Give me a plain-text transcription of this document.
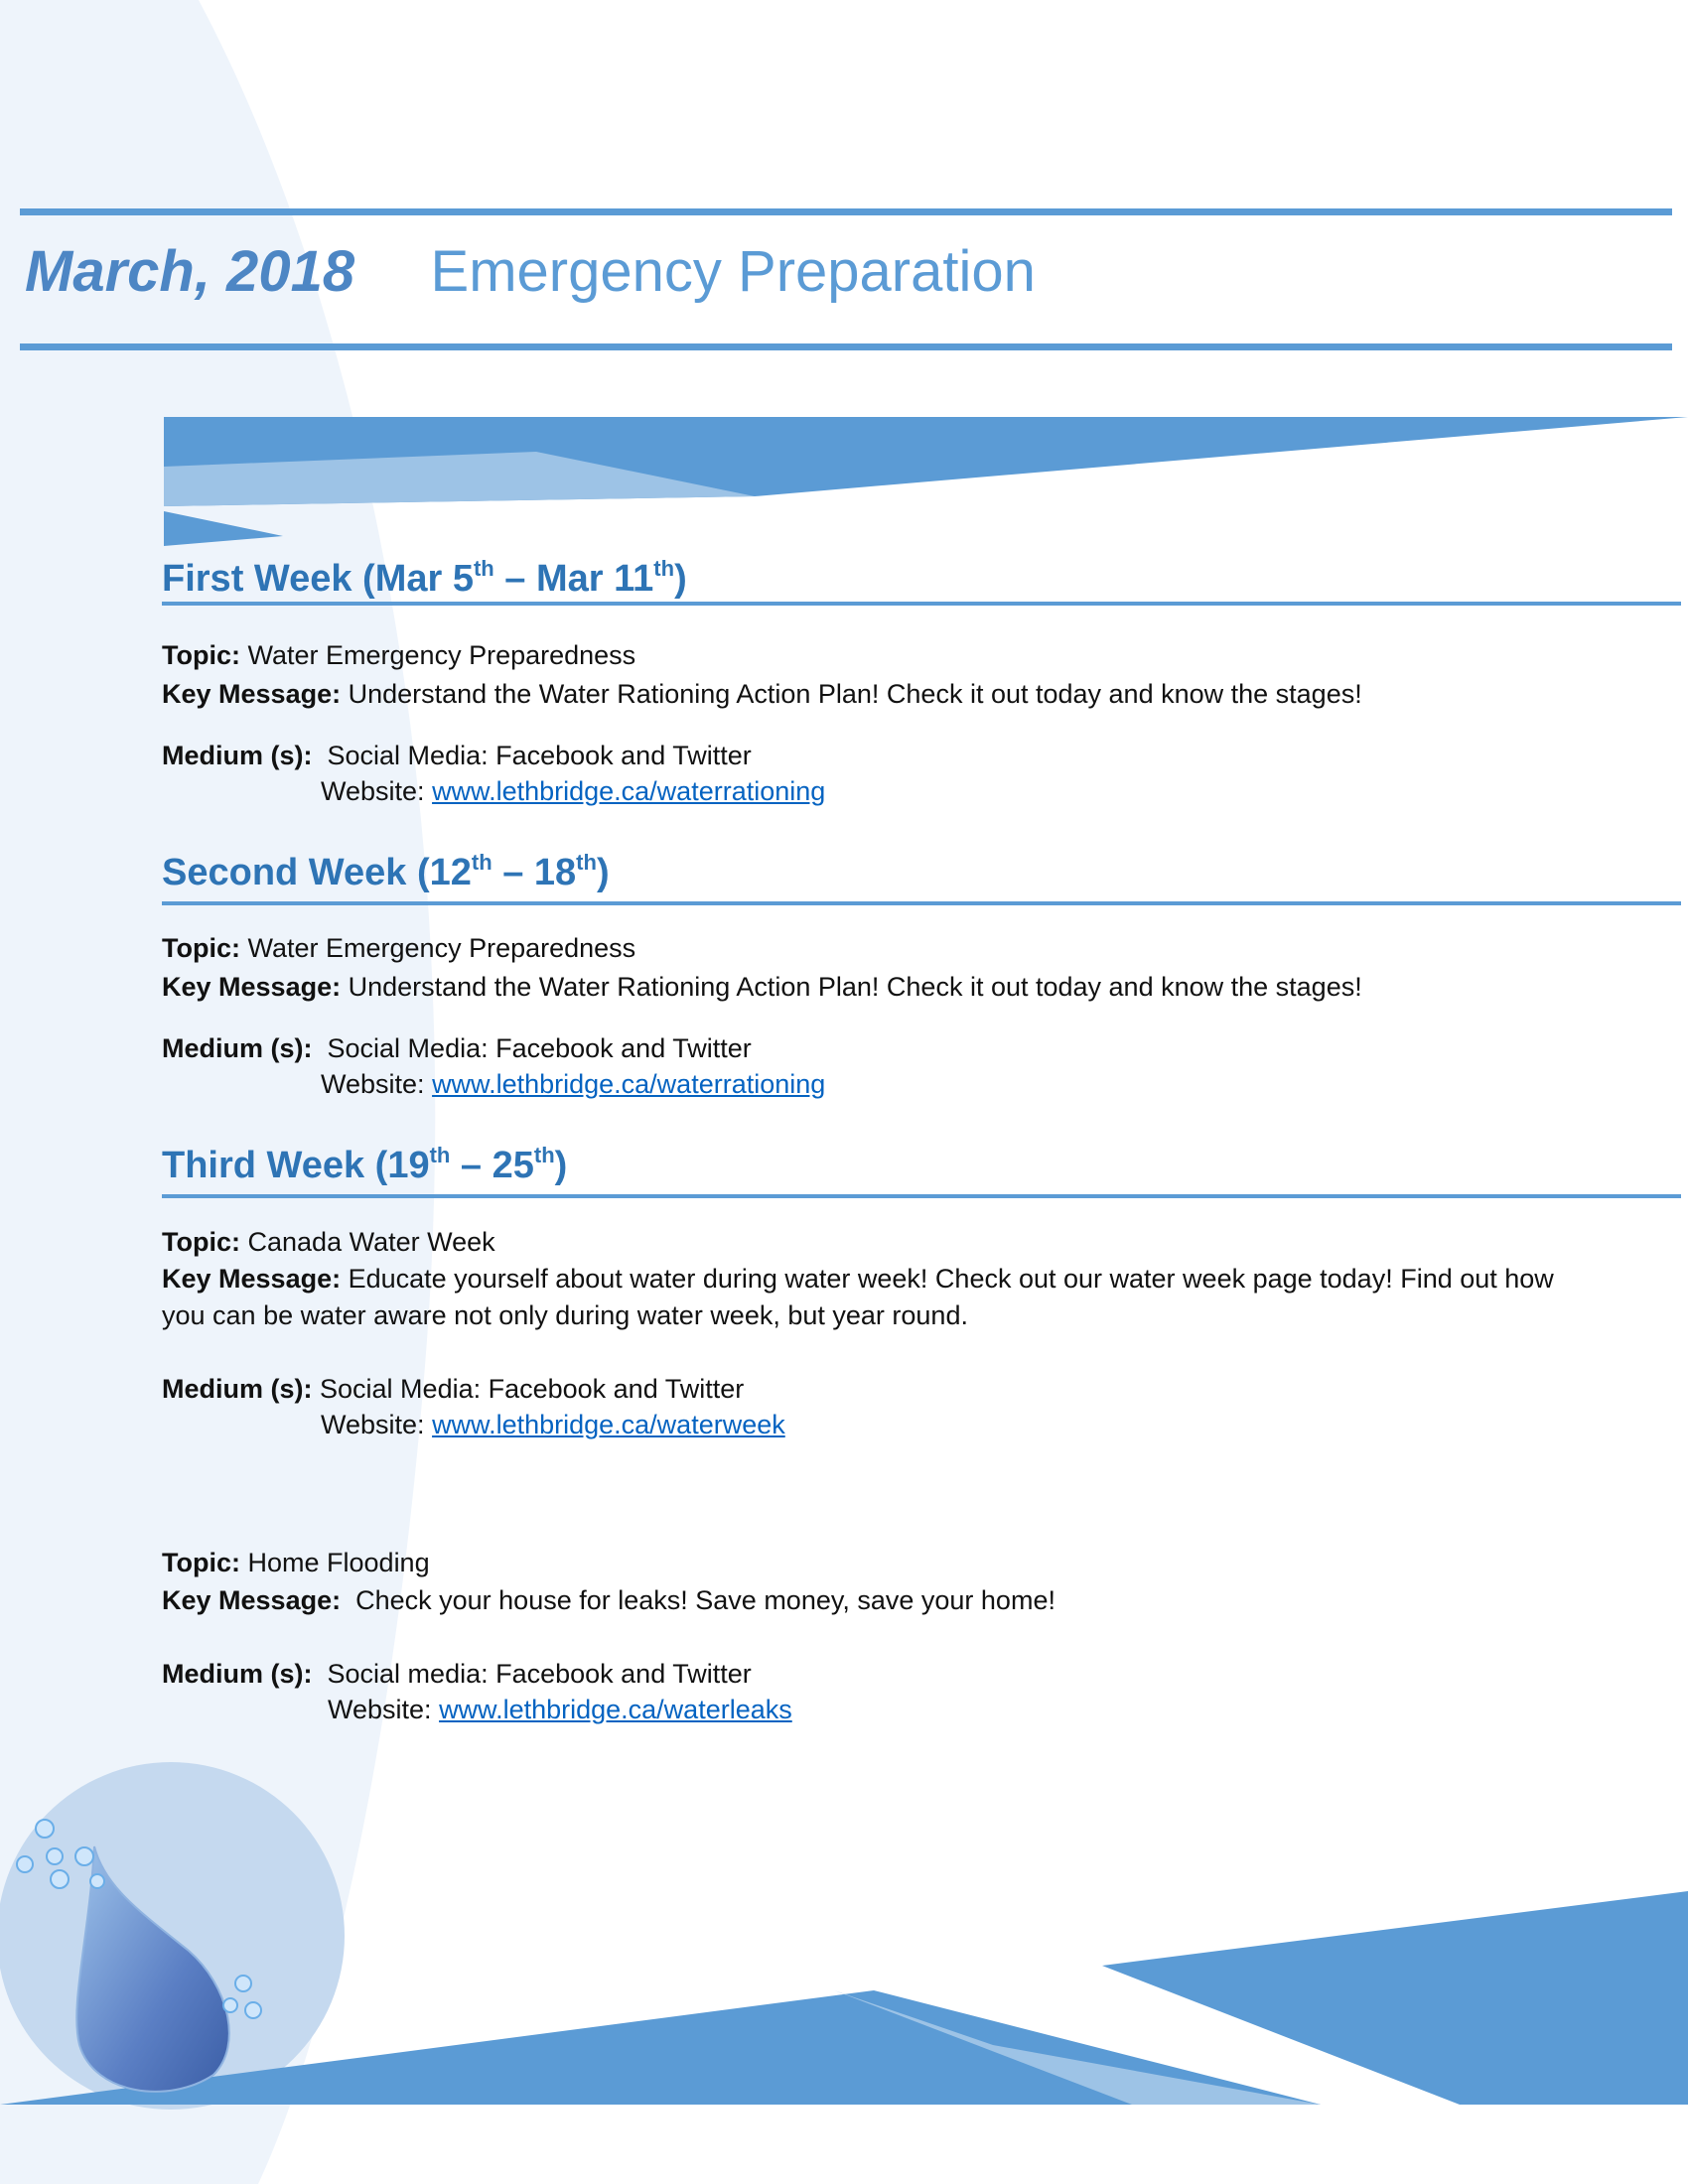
March, 2018 Emergency Preparation
First Week (Mar 5th – Mar 11th)
Topic: Water Emergency Preparedness
Key Message: Understand the Water Rationing Action Plan! Check it out today and know the stages!
Medium (s): Social Media: Facebook and Twitter
Website: www.lethbridge.ca/waterrationing
Second Week (12th – 18th)
Topic: Water Emergency Preparedness
Key Message: Understand the Water Rationing Action Plan! Check it out today and know the stages!
Medium (s): Social Media: Facebook and Twitter
Website: www.lethbridge.ca/waterrationing
Third Week (19th – 25th)
Topic: Canada Water Week
Key Message: Educate yourself about water during water week! Check out our water week page today! Find out how you can be water aware not only during water week, but year round.
Medium (s): Social Media: Facebook and Twitter
Website: www.lethbridge.ca/waterweek
Topic: Home Flooding
Key Message: Check your house for leaks! Save money, save your home!
Medium (s): Social media: Facebook and Twitter
Website: www.lethbridge.ca/waterleaks
